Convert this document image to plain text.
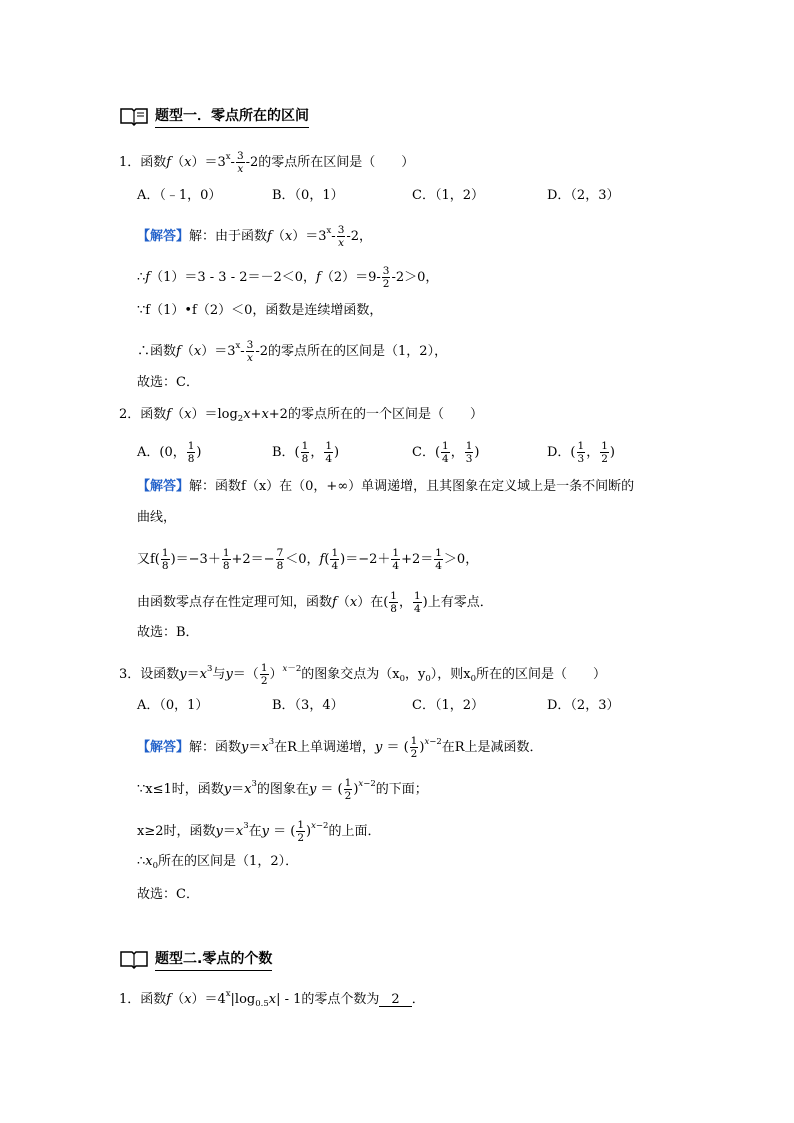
题型一．零点所在的区间
1．函数$f(x)=3^x- \frac{3}{x} -2$的零点所在区间是（　　）
A．（﹣1，0）	B．（0，1）	C．（1，2）	D．（2，3）
【解答】解：由于函数$f(x)=3^x- \frac{3}{x} -2$，
∴f（1）＝3 - 3 - 2＝－2＜0，$f(2)=9- \frac{3}{2} -2>0$，
∵f（1）•f（2）＜0，函数是连续增函数，
∴函数$f(x)=3^x- \frac{3}{x} -2$的零点所在的区间是（1，2），
故选：C．
2．函数$f(x)=\log_2x+x+2$的零点所在的一个区间是（　　）
A．(0， $\frac{1}{8}$ )	B．( $\frac{1}{8}$ ， $\frac{1}{4}$ )	C．( $\frac{1}{4}$ ， $\frac{1}{3}$ )	D．( $\frac{1}{3}$ ， $\frac{1}{2}$ )
【解答】解：函数f（x）在（0，+∞）单调递增，且其图象在定义域上是一条不间断的
曲线，
又$f( \frac{1}{8} )=-3+ \frac{1}{8} +2=- \frac{7}{8} <0$，$f( \frac{1}{4} )=-2+ \frac{1}{4} +2= \frac{1}{4} >0$，
由函数零点存在性定理可知，函数f（x）在( $\frac{1}{8}$ ， $\frac{1}{4}$ )上有零点．
故选：B．
3．设函数$y=x^3$与$y=( \frac{1}{2} )^{x-2}$的图象交点为（$x_0$，$y_0$），则$x_0$所在的区间是（　　）
A．（0，1）	B．（3，4）	C．（1，2）	D．（2，3）
【解答】解：函数$y=x^3$在R上单调递增，y ＝ ( $\frac{1}{2} )^{x-2}$在R上是减函数．
∵x≤1时，函数$y=x^3$的图象在y ＝ ( $\frac{1}{2} )^{x-2}$的下面；
x≥2时，函数$y=x^3$在y ＝ ( $\frac{1}{2} )^{x-2}$的上面．
$\therefore x_0$所在的区间是（1，2）．
故选：C．
题型二.零点的个数
1．函数$f(x)=4^x|\log_{0.5}x| - 1$的零点个数为 2 ．
